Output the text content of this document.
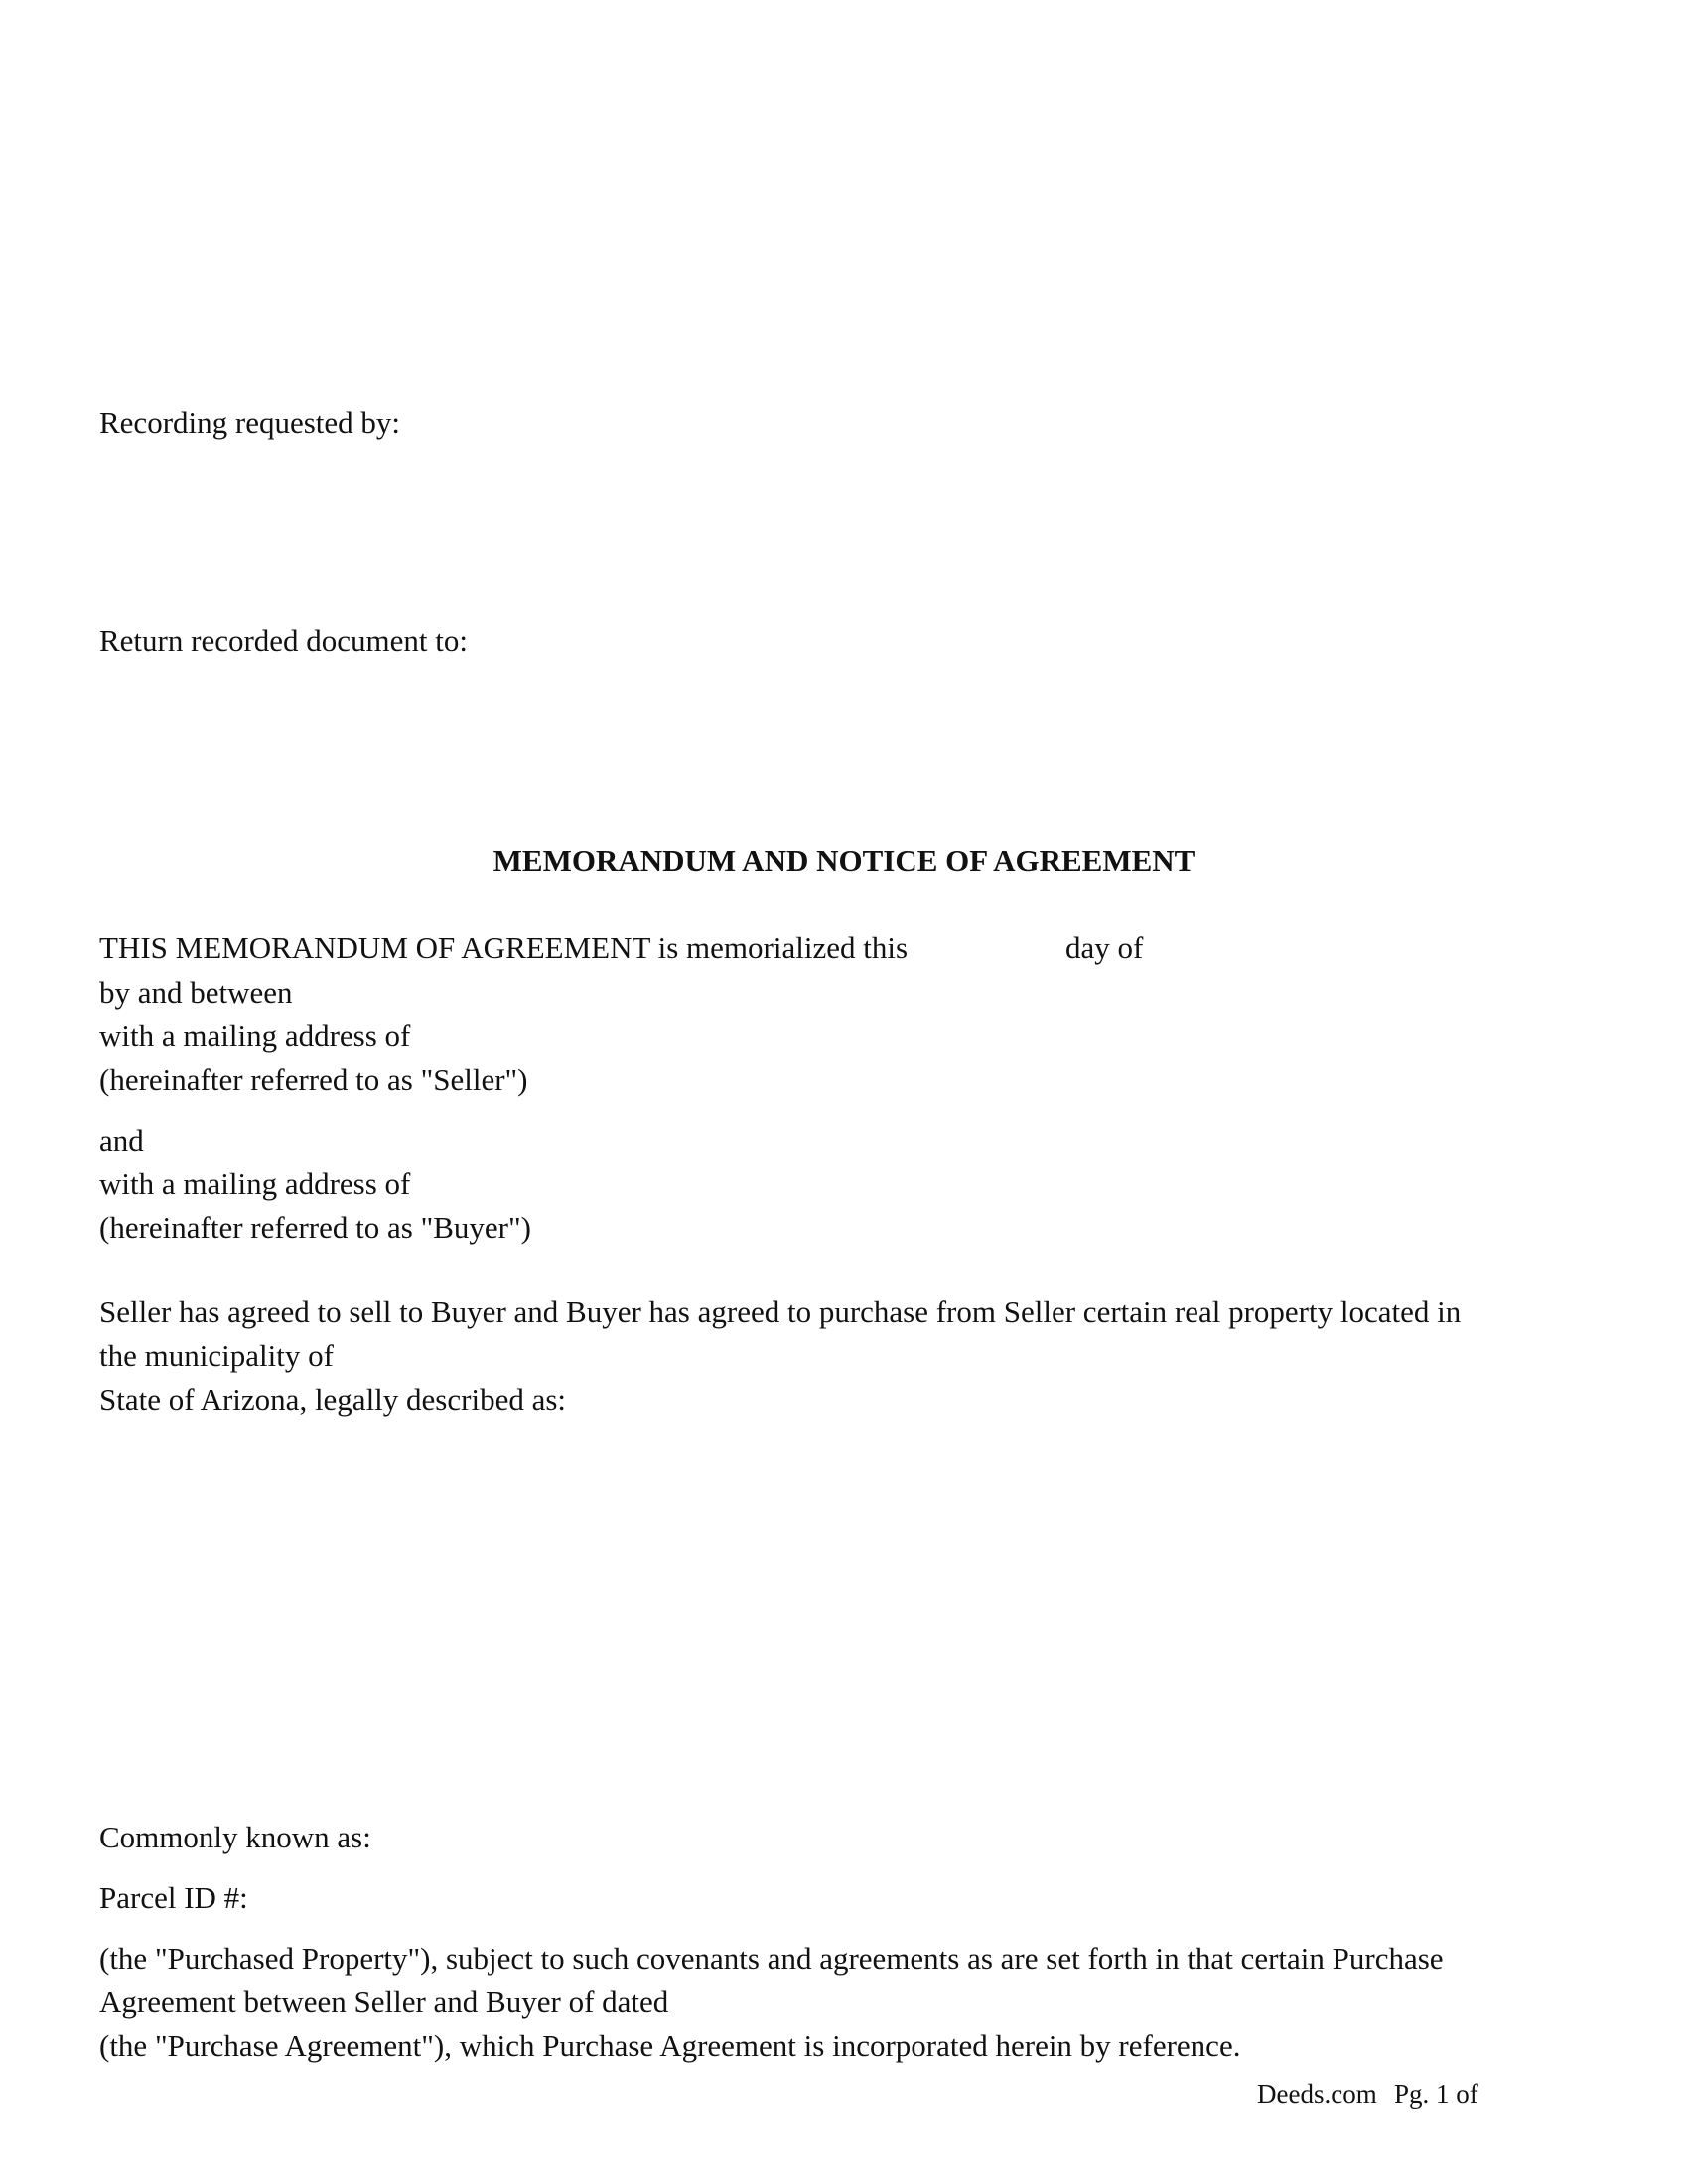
Recording requested by:
Return recorded document to:
MEMORANDUM AND NOTICE OF AGREEMENT
THIS MEMORANDUM OF AGREEMENT is memorialized this	day of
by and between
with a mailing address of
(hereinafter referred to as "Seller")
and
with a mailing address of
(hereinafter referred to as "Buyer")
Seller has agreed to sell to Buyer and Buyer has agreed to purchase from Seller certain real property located in
the municipality of
State of Arizona, legally described as:
Commonly known as:
Parcel ID #:
(the "Purchased Property"), subject to such covenants and agreements as are set forth in that certain Purchase
Agreement between Seller and Buyer of dated
(the "Purchase Agreement"), which Purchase Agreement is incorporated herein by reference.
Deeds.com Pg. 1 of
